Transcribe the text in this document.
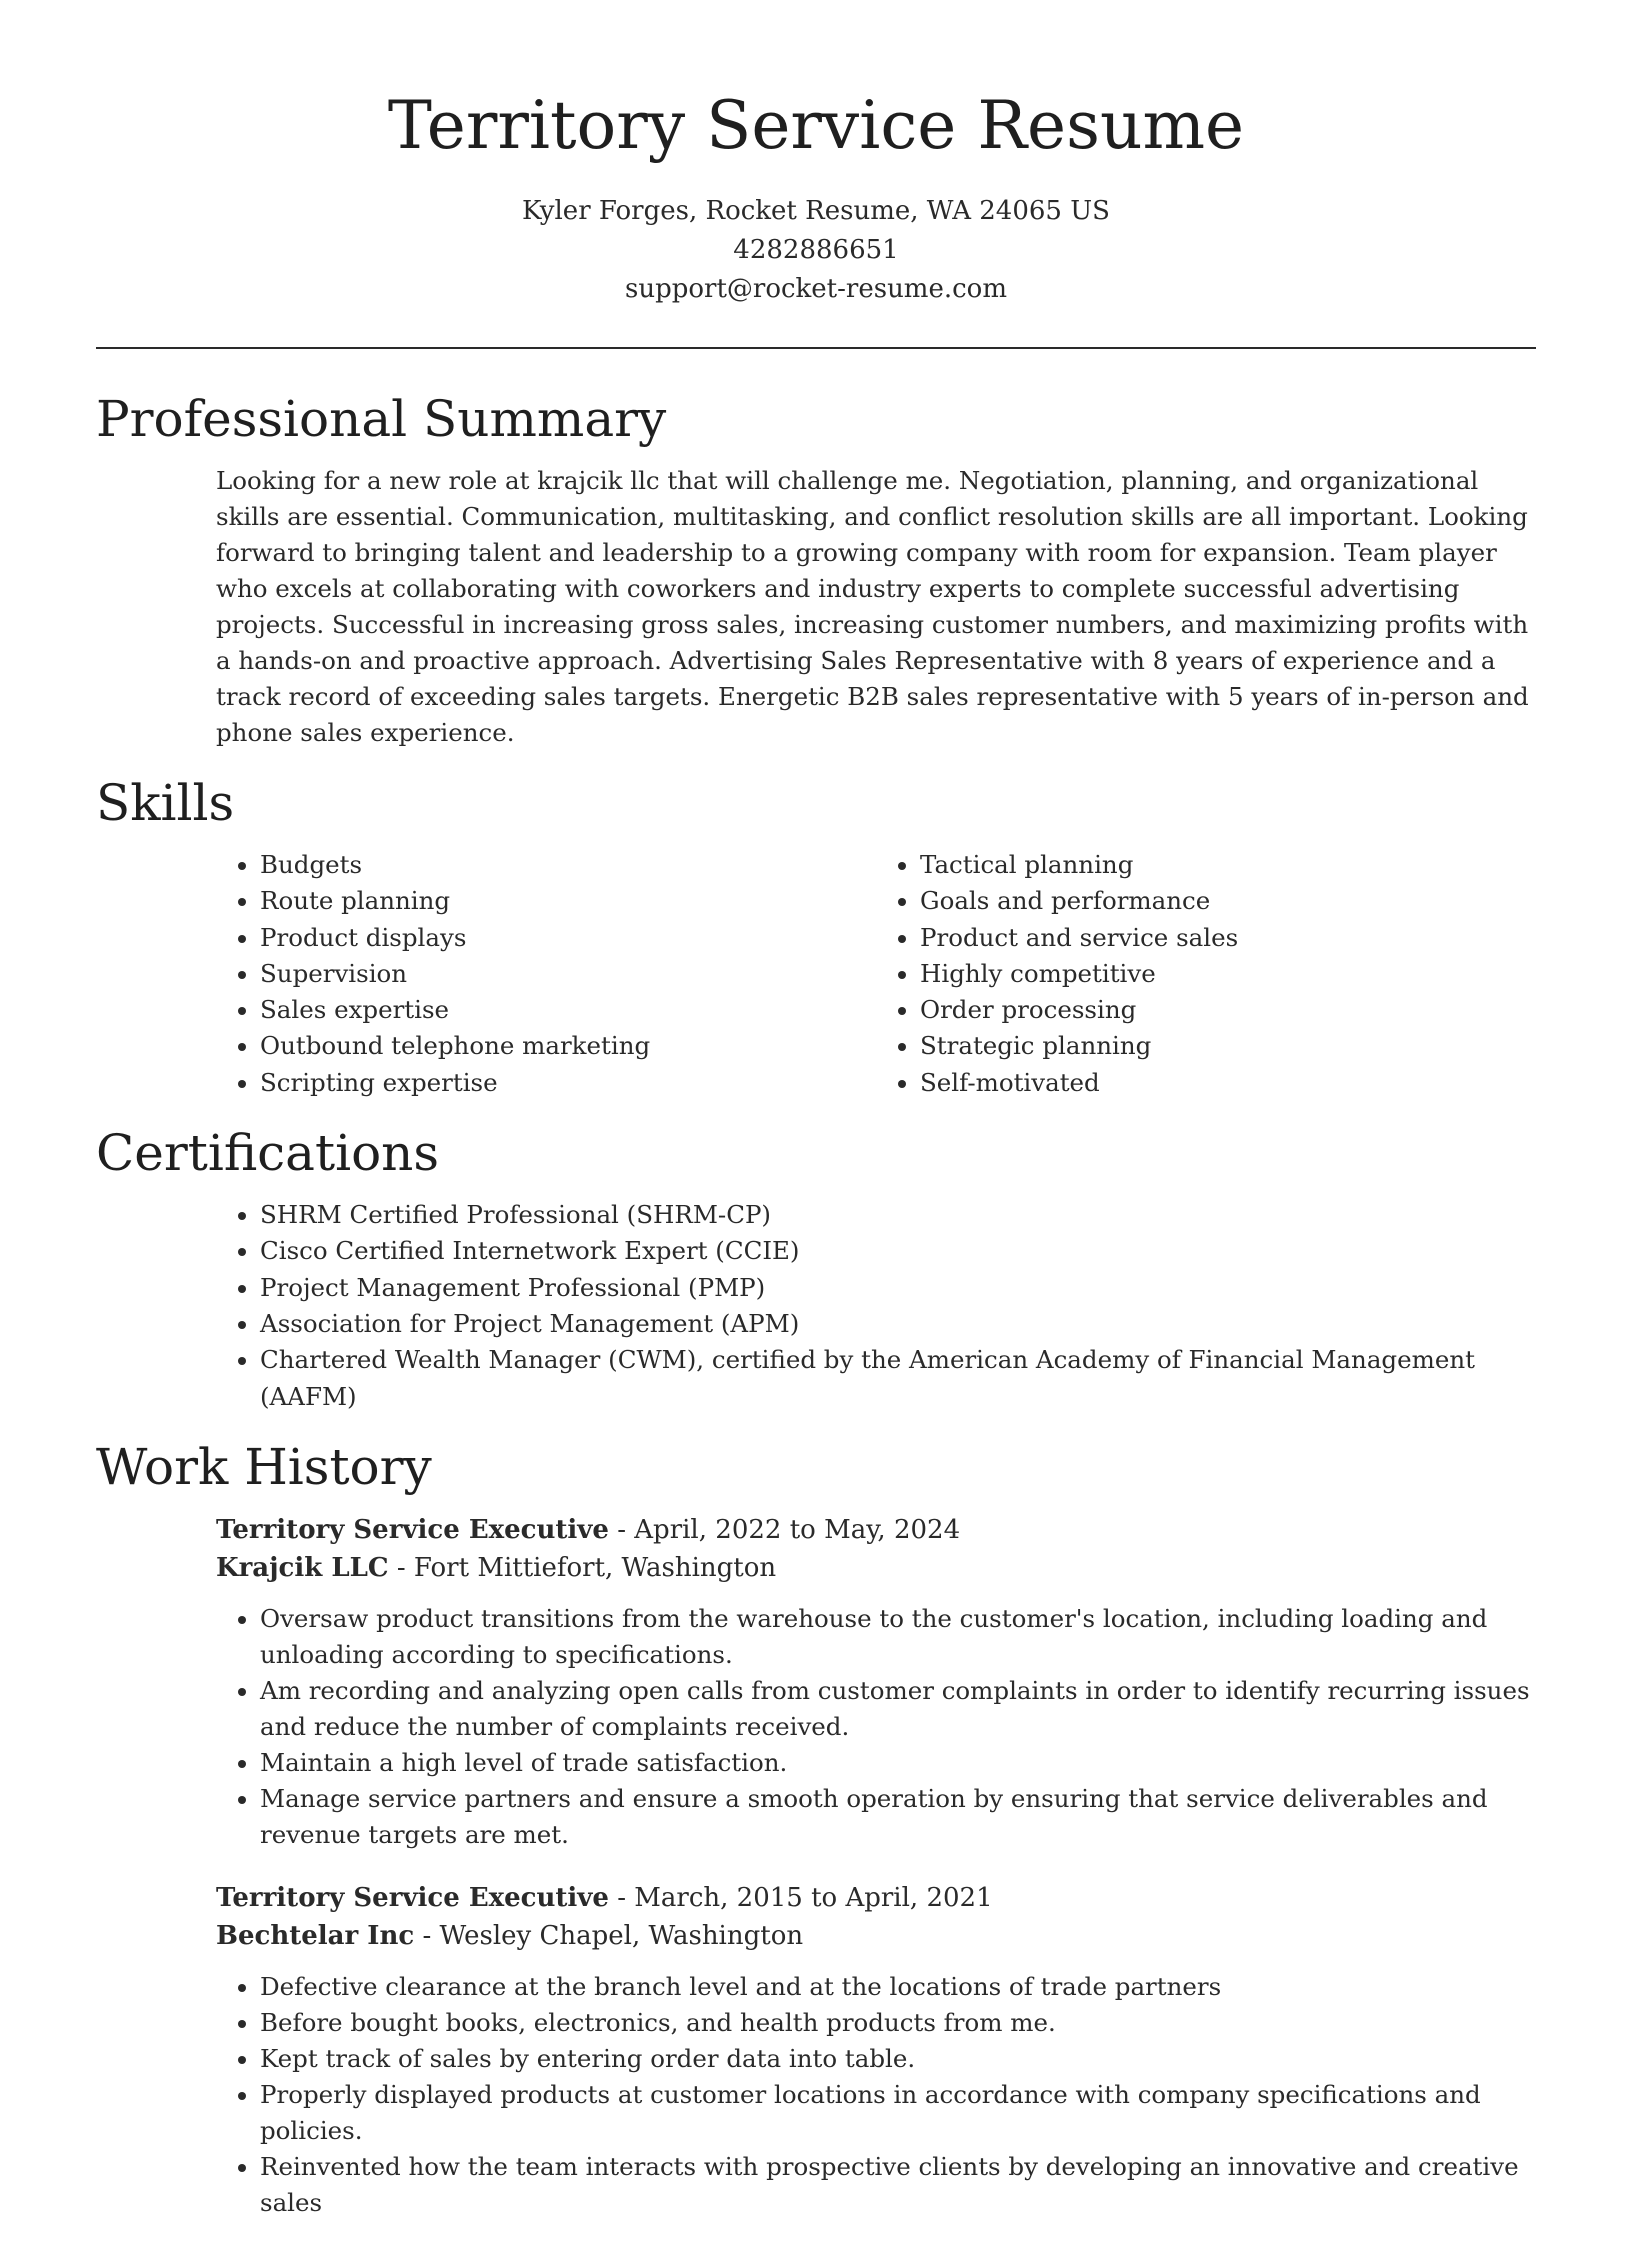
Territory Service Resume
Kyler Forges, Rocket Resume, WA 24065 US
4282886651
support@rocket-resume.com
Professional Summary

Looking for a new role at krajcik llc that will challenge me. Negotiation, planning, and organizational skills are essential. Communication, multitasking, and conflict resolution skills are all important. Looking forward to bringing talent and leadership to a growing company with room for expansion. Team player who excels at collaborating with coworkers and industry experts to complete successful advertising projects. Successful in increasing gross sales, increasing customer numbers, and maximizing profits with a hands-on and proactive approach. Advertising Sales Representative with 8 years of experience and a track record of exceeding sales targets. Energetic B2B sales representative with 5 years of in-person and phone sales experience.

Skills
• Budgets
• Route planning
• Product displays
• Supervision
• Sales expertise
• Outbound telephone marketing
• Scripting expertise
• Tactical planning
• Goals and performance
• Product and service sales
• Highly competitive
• Order processing
• Strategic planning
• Self-motivated
Certifications
• SHRM Certified Professional (SHRM-CP)
• Cisco Certified Internetwork Expert (CCIE)
• Project Management Professional (PMP)
• Association for Project Management (APM)
• Chartered Wealth Manager (CWM), certified by the American Academy of Financial Management (AAFM)
Work History
Territory Service Executive - April, 2022 to May, 2024
Krajcik LLC - Fort Mittiefort, Washington
• Oversaw product transitions from the warehouse to the customer's location, including loading and unloading according to specifications.
• Am recording and analyzing open calls from customer complaints in order to identify recurring issues and reduce the number of complaints received.
• Maintain a high level of trade satisfaction.
• Manage service partners and ensure a smooth operation by ensuring that service deliverables and revenue targets are met.
Territory Service Executive - March, 2015 to April, 2021
Bechtelar Inc - Wesley Chapel, Washington
• Defective clearance at the branch level and at the locations of trade partners
• Before bought books, electronics, and health products from me.
• Kept track of sales by entering order data into table.
• Properly displayed products at customer locations in accordance with company specifications and policies.
• Reinvented how the team interacts with prospective clients by developing an innovative and creative sales
